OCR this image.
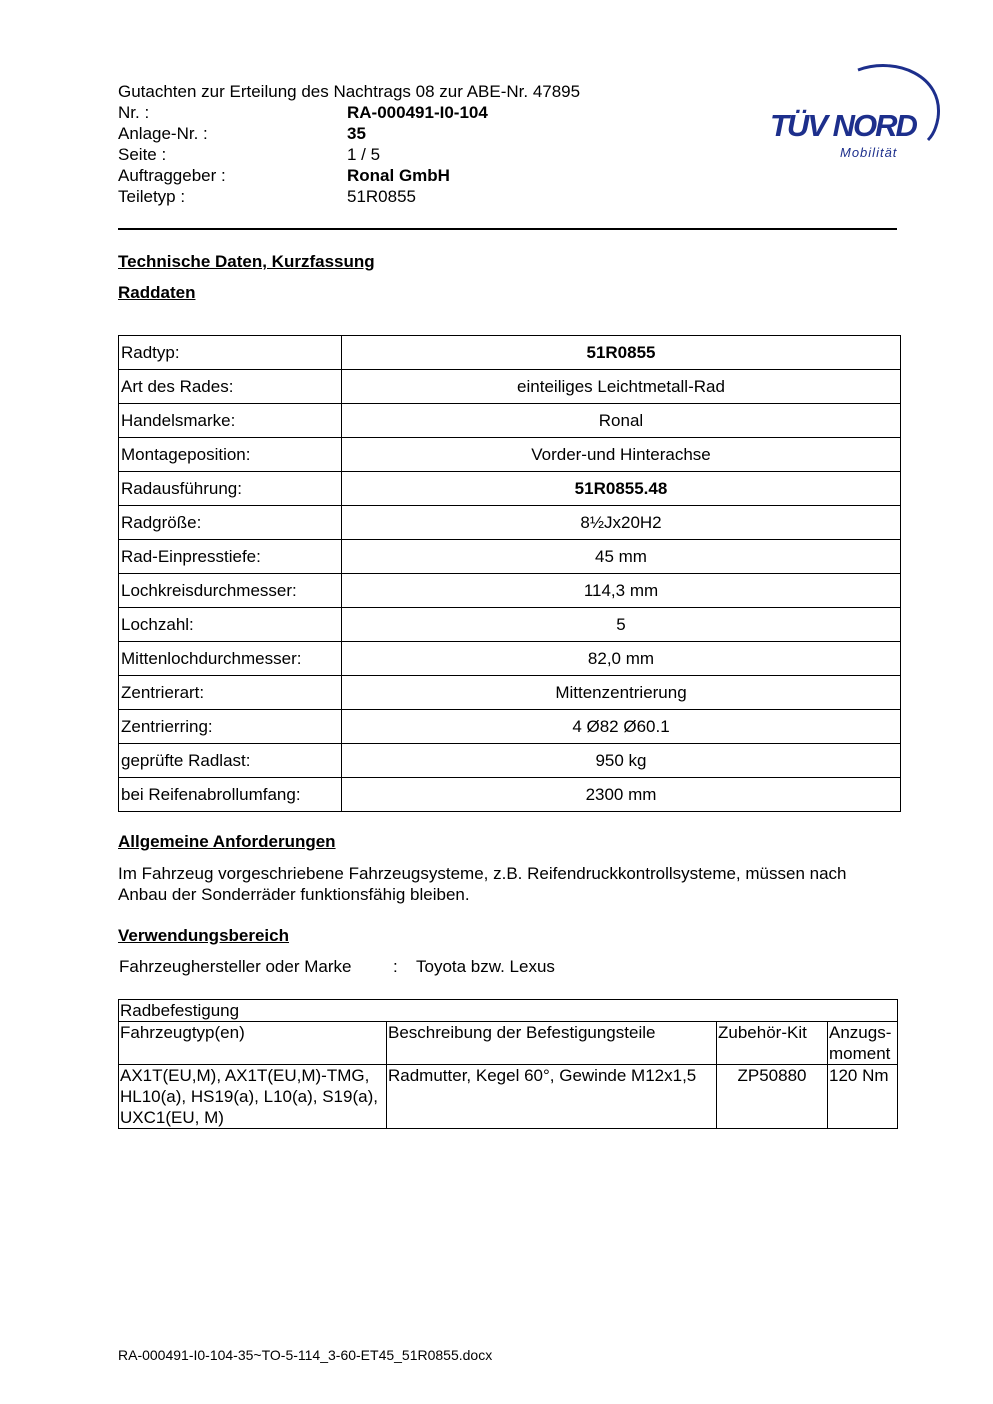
Gutachten zur Erteilung des Nachtrags 08 zur ABE-Nr. 47895
Nr. :	RA-000491-I0-104
Anlage-Nr. :	35
Seite :	1 / 5
Auftraggeber :	Ronal GmbH
Teiletyp :	51R0855
TÜV NORD
Mobilität
Technische Daten, Kurzfassung
Raddaten
Radtyp:	51R0855
Art des Rades:	einteiliges Leichtmetall-Rad
Handelsmarke:	Ronal
Montageposition:	Vorder-und Hinterachse
Radausführung:	51R0855.48
Radgröße:	8½Jx20H2
Rad-Einpresstiefe:	45 mm
Lochkreisdurchmesser:	114,3 mm
Lochzahl:	5
Mittenlochdurchmesser:	82,0 mm
Zentrierart:	Mittenzentrierung
Zentrierring:	4 Ø82 Ø60.1
geprüfte Radlast:	950 kg
bei Reifenabrollumfang:	2300 mm
Allgemeine Anforderungen
Im Fahrzeug vorgeschriebene Fahrzeugsysteme, z.B. Reifendruckkontrollsysteme, müssen nach Anbau der Sonderräder funktionsfähig bleiben.
Verwendungsbereich
Fahrzeughersteller oder Marke	:	Toyota bzw. Lexus
Radbefestigung			
Fahrzeugtyp(en)	Beschreibung der Befestigungsteile	Zubehör-Kit	Anzugs- moment
AX1T(EU,M), AX1T(EU,M)-TMG, HL10(a), HS19(a), L10(a), S19(a), UXC1(EU, M)	Radmutter, Kegel 60°, Gewinde M12x1,5	ZP50880	120 Nm
RA-000491-I0-104-35~TO-5-114_3-60-ET45_51R0855.docx
